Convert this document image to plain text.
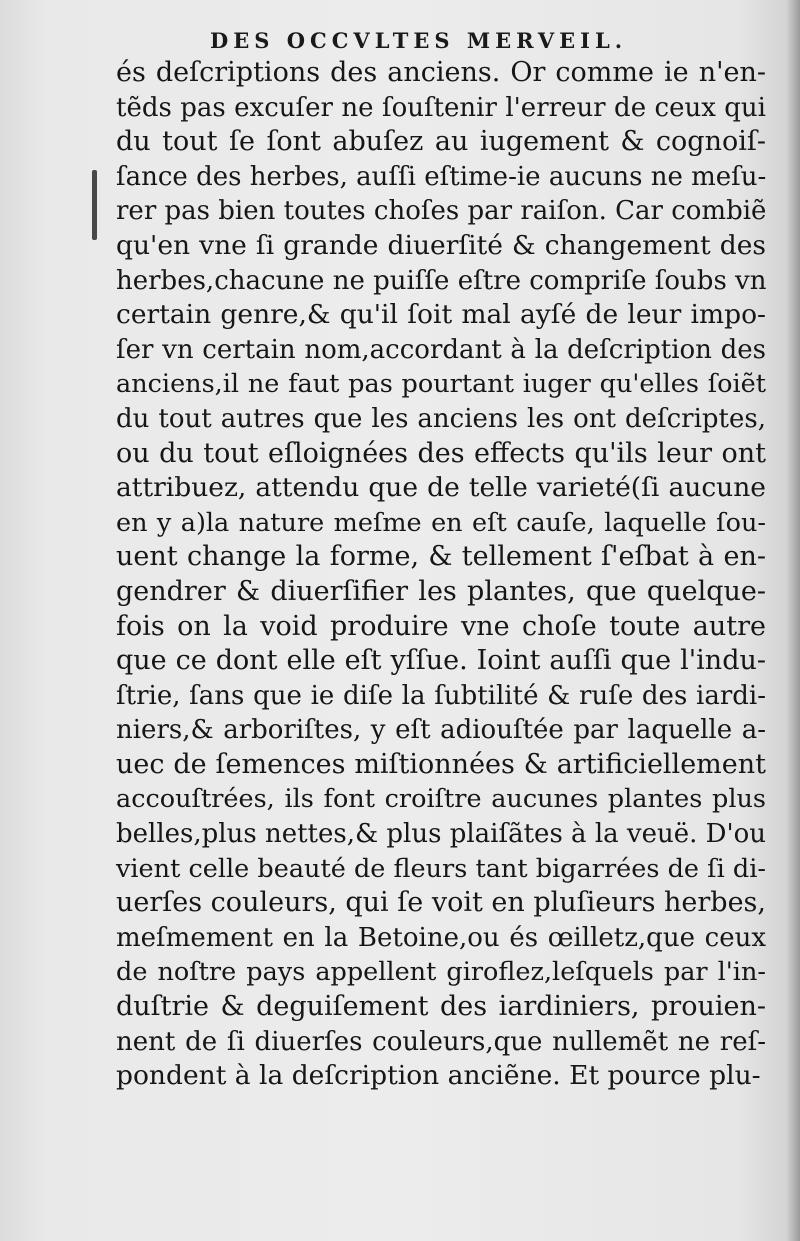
DES OCCVLTES MERVEIL.
és deſcriptions des anciens. Or comme ie n'en-
tẽds pas excuſer ne ſouſtenir l'erreur de ceux qui
du tout ſe ſont abuſez au iugement & cognoiſ-
ſance des herbes, auſſi eſtime-ie aucuns ne meſu-
rer pas bien toutes choſes par raiſon. Car combiẽ
qu'en vne ſi grande diuerſité & changement des
herbes,chacune ne puiſſe eſtre compriſe ſoubs vn
certain genre,& qu'il ſoit mal ayſé de leur impo-
ſer vn certain nom,accordant à la deſcription des
anciens,il ne faut pas pourtant iuger qu'elles ſoiẽt
du tout autres que les anciens les ont deſcriptes,
ou du tout eſloignées des effects qu'ils leur ont
attribuez, attendu que de telle varieté(ſi aucune
en y a)la nature meſme en eſt cauſe, laquelle ſou-
uent change la forme, & tellement ſ'eſbat à en-
gendrer & diuerſifier les plantes, que quelque-
fois on la void produire vne choſe toute autre
que ce dont elle eſt yſſue. Ioint auſſi que l'indu-
ſtrie, ſans que ie diſe la ſubtilité & ruſe des iardi-
niers,& arboriſtes, y eſt adiouſtée par laquelle a-
uec de ſemences miſtionnées & artificiellement
accouſtrées, ils font croiſtre aucunes plantes plus
belles,plus nettes,& plus plaiſãtes à la veuë. D'ou
vient celle beauté de fleurs tant bigarrées de ſi di-
uerſes couleurs, qui ſe voit en pluſieurs herbes,
meſmement en la Betoine,ou és œilletz,que ceux
de noſtre pays appellent giroflez,leſquels par l'in-
duſtrie & deguiſement des iardiniers, prouien-
nent de ſi diuerſes couleurs,que nullemẽt ne reſ-
pondent à la deſcription anciẽne. Et pource plu-
